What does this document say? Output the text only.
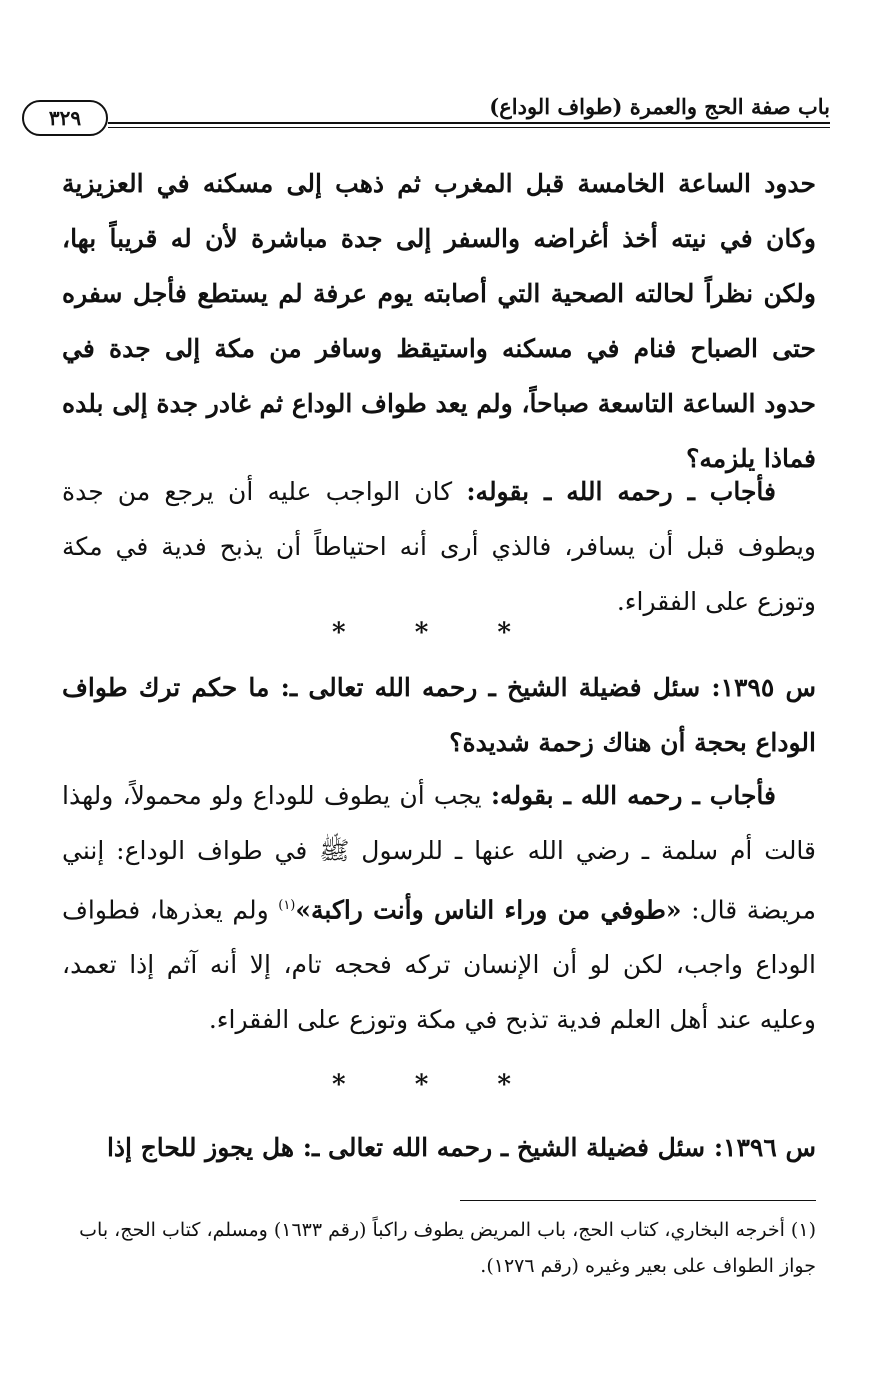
٣٢٩	باب صفة الحج والعمرة (طواف الوداع)
حدود الساعة الخامسة قبل المغرب ثم ذهب إلى مسكنه في العزيزية وكان في نيته أخذ أغراضه والسفر إلى جدة مباشرة لأن له قريباً بها، ولكن نظراً لحالته الصحية التي أصابته يوم عرفة لم يستطع فأجل سفره حتى الصباح فنام في مسكنه واستيقظ وسافر من مكة إلى جدة في حدود الساعة التاسعة صباحاً، ولم يعد طواف الوداع ثم غادر جدة إلى بلده فماذا يلزمه؟
فأجاب ـ رحمه الله ـ بقوله: كان الواجب عليه أن يرجع من جدة ويطوف قبل أن يسافر، فالذي أرى أنه احتياطاً أن يذبح فدية في مكة وتوزع على الفقراء.
* * *
س ١٣٩٥: سئل فضيلة الشيخ ـ رحمه الله تعالى ـ: ما حكم ترك طواف الوداع بحجة أن هناك زحمة شديدة؟
فأجاب ـ رحمه الله ـ بقوله: يجب أن يطوف للوداع ولو محمولاً، ولهذا قالت أم سلمة ـ رضي الله عنها ـ للرسول ﷺ في طواف الوداع: إنني مريضة قال: «طوفي من وراء الناس وأنت راكبة»$^{(١)}$ ولم يعذرها، فطواف الوداع واجب، لكن لو أن الإنسان تركه فحجه تام، إلا أنه آثم إذا تعمد، وعليه عند أهل العلم فدية تذبح في مكة وتوزع على الفقراء.
* * *
س ١٣٩٦: سئل فضيلة الشيخ ـ رحمه الله تعالى ـ: هل يجوز للحاج إذا
(١) أخرجه البخاري، كتاب الحج، باب المريض يطوف راكباً (رقم ١٦٣٣) ومسلم، كتاب الحج، باب جواز الطواف على بعير وغيره (رقم ١٢٧٦).
